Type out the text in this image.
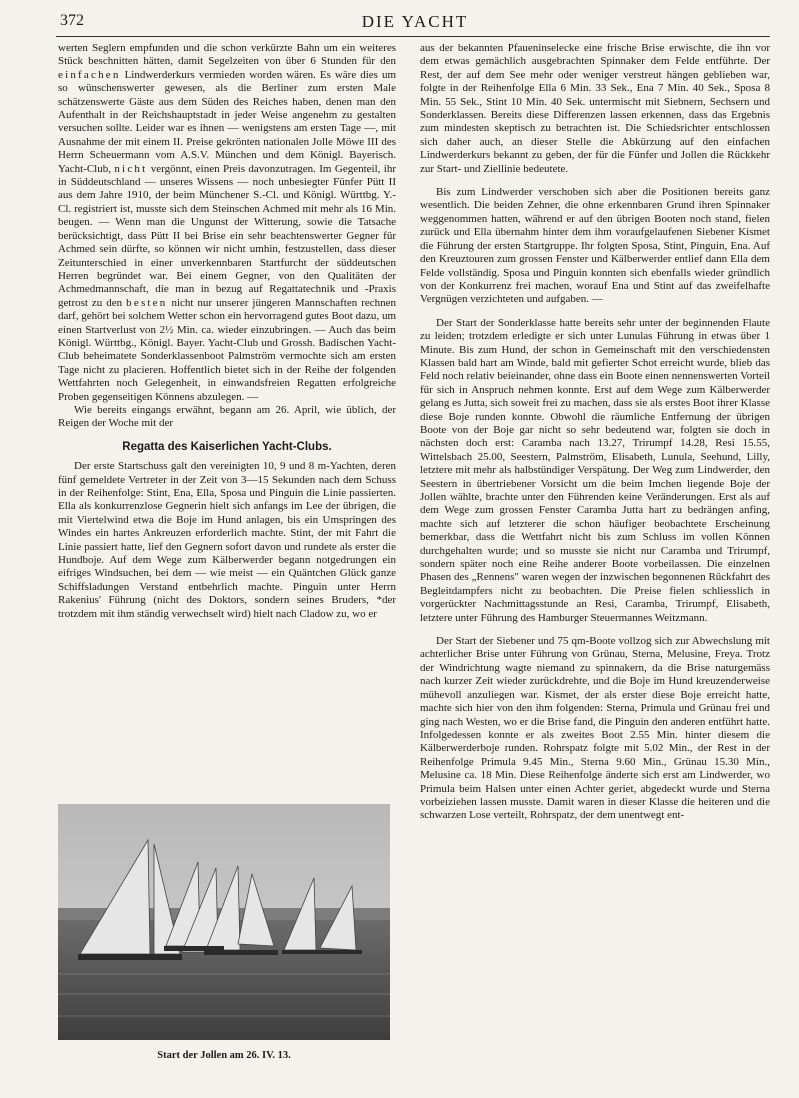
372	DIE YACHT

werten Seglern empfunden und die schon verkürzte Bahn um ein weiteres Stück beschnitten hätten, damit Segelzeiten von über 6 Stunden für den einfachen Lindwerderkurs vermieden worden wären. Es wäre dies um so wünschenswerter gewesen, als die Berliner zum ersten Male schätzenswerte Gäste aus dem Süden des Reiches haben, denen man den Aufenthalt in der Reichshauptstadt in jeder Weise angenehm zu gestalten versuchen sollte. Leider war es ihnen — wenigstens am ersten Tage —, mit Ausnahme der mit einem II. Preise gekrönten nationalen Jolle Möwe III des Herrn Scheuermann vom A.S.V. München und dem Königl. Bayerisch. Yacht-Club, nicht vergönnt, einen Preis davonzutragen. Im Gegenteil, ihr in Süddeutschland — unseres Wissens — noch unbesiegter Fünfer Pütt II aus dem Jahre 1910, der beim Münchener S.-Cl. und Königl. Württbg. Y.-Cl. registriert ist, musste sich dem Steinschen Achmed mit mehr als 16 Min. beugen. — Wenn man die Ungunst der Witterung, sowie die Tatsache berücksichtigt, dass Pütt II bei Brise ein sehr beachtenswerter Gegner für Achmed sein dürfte, so können wir nicht umhin, festzustellen, dass dieser Zeitunterschied in einer unverkennbaren Startfurcht der süddeutschen Herren begründet war. Bei einem Gegner, von den Qualitäten der Achmedmannschaft, die man in bezug auf Regattatechnik und -Praxis getrost zu den besten nicht nur unserer jüngeren Mannschaften rechnen darf, gehört bei solchem Wetter schon ein hervorragend gutes Boot dazu, um einen Startverlust von 2½ Min. ca. wieder einzubringen. — Auch das beim Königl. Württbg., Königl. Bayer. Yacht-Club und Grossh. Badischen Yacht-Club beheimatete Sonderklassenboot Palmström vermochte sich am ersten Tage nicht zu placieren. Hoffentlich bietet sich in der Reihe der folgenden Wettfahrten noch Gelegenheit, in einwandsfreien Regatten erfolgreiche Proben gegenseitigen Könnens abzulegen. —

Wie bereits eingangs erwähnt, begann am 26. April, wie üblich, der Reigen der Woche mit der

Regatta des Kaiserlichen Yacht-Clubs.

Der erste Startschuss galt den vereinigten 10, 9 und 8 m-Yachten, deren fünf gemeldete Vertreter in der Zeit von 3—15 Sekunden nach dem Schuss in der Reihenfolge: Stint, Ena, Ella, Sposa und Pinguin die Linie passierten. Ella als konkurrenzlose Gegnerin hielt sich anfangs im Lee der übrigen, die mit Viertelwind etwa die Boje im Hund anlagen, bis ein Umspringen des Windes ein hartes Ankreuzen erforderlich machte. Stint, der mit Fahrt die Linie passiert hatte, lief den Gegnern sofort davon und rundete als erster die Hundboje. Auf dem Wege zum Kälberwerder begann notgedrungen ein eifriges Windsuchen, bei dem — wie meist — ein Quäntchen Glück ganze Schiffsladungen Verstand entbehrlich machte. Pinguin unter Herrn Rakenius' Führung (nicht des Doktors, sondern seines Bruders, *der trotzdem mit ihm ständig verwechselt wird) hielt nach Cladow zu, wo er

Start der Jollen am 26. IV. 13.

aus der bekannten Pfaueninselecke eine frische Brise erwischte, die ihn vor dem etwas gemächlich ausgebrachten Spinnaker dem Felde entführte. Der Rest, der auf dem See mehr oder weniger verstreut hängen geblieben war, folgte in der Reihenfolge Ella 6 Min. 33 Sek., Ena 7 Min. 40 Sek., Sposa 8 Min. 55 Sek., Stint 10 Min. 40 Sek. untermischt mit Siebnern, Sechsern und Sonderklassen. Bereits diese Differenzen lassen erkennen, dass das Ergebnis zum mindesten skeptisch zu betrachten ist. Die Schiedsrichter entschlossen sich daher auch, an dieser Stelle die Abkürzung auf den einfachen Lindwerderkurs bekannt zu geben, der für die Fünfer und Jollen die Rückkehr zur Start- und Ziellinie bedeutete.

Bis zum Lindwerder verschoben sich aber die Positionen bereits ganz wesentlich. Die beiden Zehner, die ohne erkennbaren Grund ihren Spinnaker weggenommen hatten, während er auf den übrigen Booten noch stand, fielen zurück und Ella übernahm hinter dem ihm voraufgelaufenen Siebener Kismet die Führung der ersten Startgruppe. Ihr folgten Sposa, Stint, Pinguin, Ena. Auf den Kreuztouren zum grossen Fenster und Kälberwerder entlief dann Ella dem Felde vollständig. Sposa und Pinguin konnten sich ebenfalls wieder gründlich von der Konkurrenz frei machen, worauf Ena und Stint auf das zweifelhafte Vergnügen verzichteten und aufgaben. —

Der Start der Sonderklasse hatte bereits sehr unter der beginnenden Flaute zu leiden; trotzdem erledigte er sich unter Lunulas Führung in etwas über 1 Minute. Bis zum Hund, der schon in Gemeinschaft mit den verschiedensten Klassen bald hart am Winde, bald mit gefierter Schot erreicht wurde, blieb das Feld noch relativ beieinander, ohne dass ein Boote einen nennenswerten Vorteil für sich in Anspruch nehmen konnte. Erst auf dem Wege zum Kälberwerder gelang es Jutta, sich soweit frei zu machen, dass sie als erstes Boot ihrer Klasse diese Boje runden konnte. Obwohl die räumliche Entfernung der übrigen Boote von der Boje gar nicht so sehr bedeutend war, folgten sie doch in nächsten doch erst: Caramba nach 13.27, Trirumpf 14.28, Resi 15.55, Wittelsbach 25.00, Seestern, Palmström, Elisabeth, Lunula, Seehund, Lilly, letztere mit mehr als halbstündiger Verspätung. Der Weg zum Lindwerder, den Seestern in übertriebener Vorsicht um die beim Imchen liegende Boje der Jollen wählte, brachte unter den Führenden keine Veränderungen. Erst als auf dem Wege zum grossen Fenster Caramba Jutta hart zu bedrängen anfing, machte sich auf letzterer die schon häufiger beobachtete Erscheinung bemerkbar, dass die Wettfahrt nicht bis zum Schluss im vollen Können durchgehalten wurde; und so musste sie nicht nur Caramba und Trirumpf, sondern später noch eine Reihe anderer Boote vorbeilassen. Die einzelnen Phasen des „Rennens" waren wegen der inzwischen begonnenen Rückfahrt des Begleitdampfers nicht zu beobachten. Die Preise fielen schliesslich in vorgerückter Nachmittagsstunde an Resi, Caramba, Trirumpf, Elisabeth, letztere unter Führung des Hamburger Steuermannes Weitzmann.

Der Start der Siebener und 75 qm-Boote vollzog sich zur Abwechslung mit achterlicher Brise unter Führung von Grünau, Sterna, Melusine, Freya. Trotz der Windrichtung wagte niemand zu spinnakern, da die Brise naturgemäss nach kurzer Zeit wieder zurückdrehte, und die Boje im Hund kreuzenderweise mühevoll anzuliegen war. Kismet, der als erster diese Boje erreicht hatte, machte sich hier von den ihm folgenden: Sterna, Primula und Grünau frei und ging nach Westen, wo er die Brise fand, die Pinguin den anderen entführt hatte. Infolgedessen konnte er als zweites Boot 2.55 Min. hinter diesem die Kälberwerderboje runden. Rohrspatz folgte mit 5.02 Min., der Rest in der Reihenfolge Primula 9.45 Min., Sterna 9.60 Min., Grünau 15.30 Min., Melusine ca. 18 Min. Diese Reihenfolge änderte sich erst am Lindwerder, wo Primula beim Halsen unter einen Achter geriet, abgedeckt wurde und Sterna vorbeiziehen lassen musste. Damit waren in dieser Klasse die heiteren und die schwarzen Lose verteilt, Rohrspatz, der dem unentwegt ent-
